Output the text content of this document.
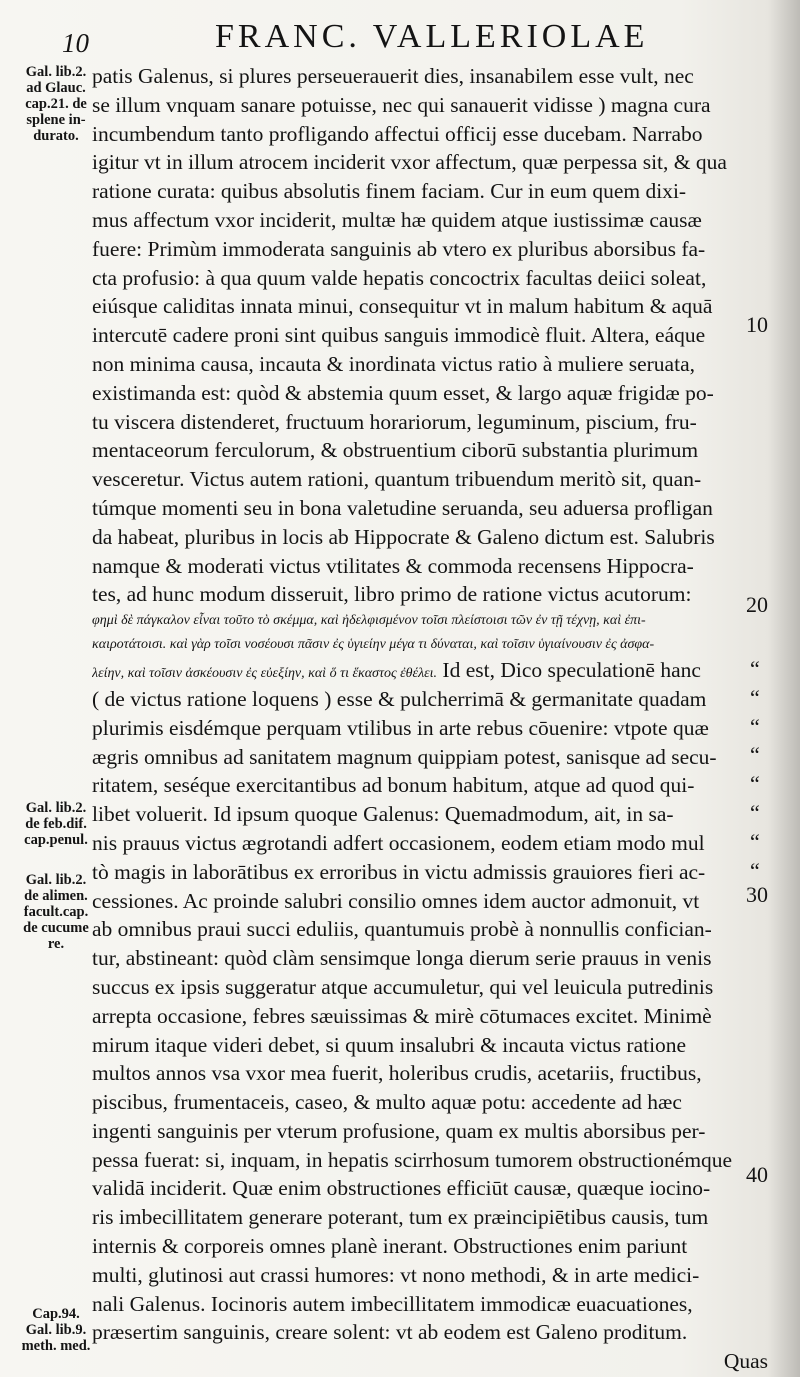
10	FRANC. VALLERIOLAE
Gal. lib.2.
ad Glauc.
cap.21. de
splene in-
durato.
Gal. lib.2.
de feb.dif.
cap.penul.
Gal. lib.2.
de alimen.
facult.cap.
de cucume
re.
Cap.94.
Gal. lib.9.
meth. med.
10
20
30
40
“
“
“
“
“
“
“
“
patis Galenus, si plures perseuerauerit dies, insanabilem esse vult, nec
se illum vnquam sanare potuisse, nec qui sanauerit vidisse ) magna cura
incumbendum tanto profligando affectui officij esse ducebam. Narrabo
igitur vt in illum atrocem inciderit vxor affectum, quæ perpessa sit, & qua
ratione curata: quibus absolutis finem faciam. Cur in eum quem dixi-
mus affectum vxor inciderit, multæ hæ quidem atque iustissimæ causæ
fuere: Primùm immoderata sanguinis ab vtero ex pluribus aborsibus fa-
cta profusio: à qua quum valde hepatis concoctrix facultas deiici soleat,
eiúsque caliditas innata minui, consequitur vt in malum habitum & aquā
intercutē cadere proni sint quibus sanguis immodicè fluit. Altera, eáque
non minima causa, incauta & inordinata victus ratio à muliere seruata,
existimanda est: quòd & abstemia quum esset, & largo aquæ frigidæ po-
tu viscera distenderet, fructuum horariorum, leguminum, piscium, fru-
mentaceorum ferculorum, & obstruentium ciborū substantia plurimum
vesceretur. Victus autem rationi, quantum tribuendum meritò sit, quan-
túmque momenti seu in bona valetudine seruanda, seu aduersa profligan
da habeat, pluribus in locis ab Hippocrate & Galeno dictum est. Salubris
namque & moderati victus vtilitates & commoda recensens Hippocra-
tes, ad hunc modum disseruit, libro primo de ratione victus acutorum:
φημὶ δὲ πάγκαλον εἶναι τοῦτο τὸ σκέμμα, καὶ ἠδελφισμένον τοῖσι πλείστοισι τῶν ἐν τῇ τέχνῃ, καὶ ἐπι-
καιροτάτοισι. καὶ γὰρ τοῖσι νοσέουσι πᾶσιν ἐς ὑγιείην μέγα τι δύναται, καὶ τοῖσιν ὑγιαίνουσιν ἐς ἀσφα-
λείην, καὶ τοῖσιν ἀσκέουσιν ἐς εὐεξίην, καὶ ὅ τι ἕκαστος ἐθέλει. Id est, Dico speculationē hanc
( de victus ratione loquens ) esse & pulcherrimā & germanitate quadam
plurimis eisdémque perquam vtilibus in arte rebus cōuenire: vtpote quæ
ægris omnibus ad sanitatem magnum quippiam potest, sanisque ad secu-
ritatem, seséque exercitantibus ad bonum habitum, atque ad quod qui-
libet voluerit. Id ipsum quoque Galenus: Quemadmodum, ait, in sa-
nis prauus victus ægrotandi adfert occasionem, eodem etiam modo mul
tò magis in laborātibus ex erroribus in victu admissis grauiores fieri ac-
cessiones. Ac proinde salubri consilio omnes idem auctor admonuit, vt
ab omnibus praui succi eduliis, quantumuis probè à nonnullis confician-
tur, abstineant: quòd clàm sensimque longa dierum serie prauus in venis
succus ex ipsis suggeratur atque accumuletur, qui vel leuicula putredinis
arrepta occasione, febres sæuissimas & mirè cōtumaces excitet. Minimè
mirum itaque videri debet, si quum insalubri & incauta victus ratione
multos annos vsa vxor mea fuerit, holeribus crudis, acetariis, fructibus,
piscibus, frumentaceis, caseo, & multo aquæ potu: accedente ad hæc
ingenti sanguinis per vterum profusione, quam ex multis aborsibus per-
pessa fuerat: si, inquam, in hepatis scirrhosum tumorem obstructionémque
validā inciderit. Quæ enim obstructiones efficiūt causæ, quæque iocino-
ris imbecillitatem generare poterant, tum ex præincipiētibus causis, tum
internis & corporeis omnes planè inerant. Obstructiones enim pariunt
multi, glutinosi aut crassi humores: vt nono methodi, & in arte medici-
nali Galenus. Iocinoris autem imbecillitatem immodicæ euacuationes,
præsertim sanguinis, creare solent: vt ab eodem est Galeno proditum.
Quas
